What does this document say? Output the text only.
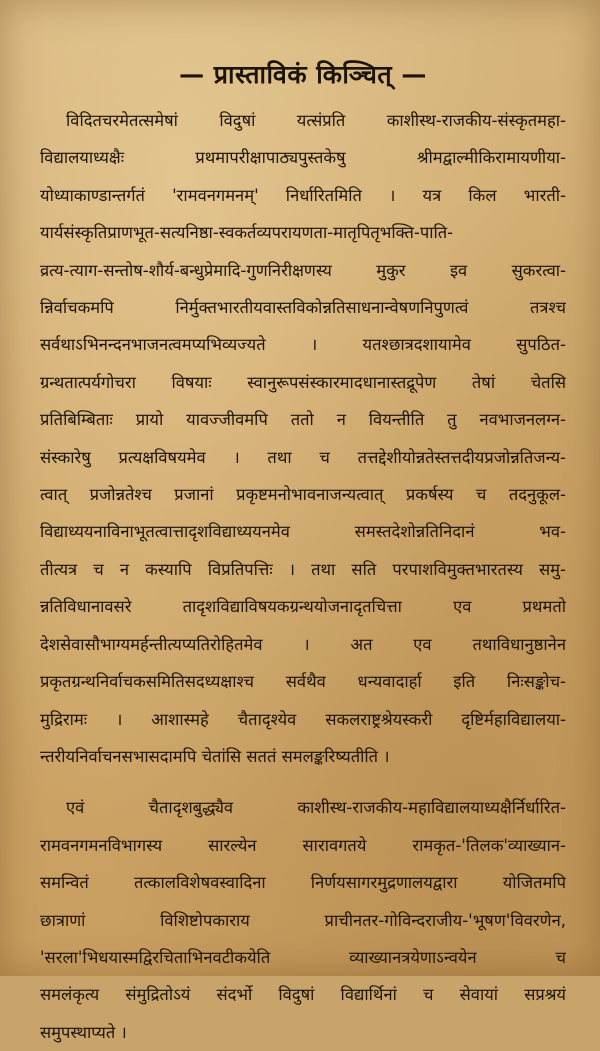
— प्रास्ताविकं किञ्चित् —

विदितचरमेतत्समेषां विदुषां यत्संप्रति काशीस्थ-राजकीय-संस्कृतमहा-
विद्यालयाध्यक्षैः प्रथमापरीक्षापाठ्यपुस्तकेषु श्रीमद्वाल्मीकिरामायणीया-
योध्याकाण्डान्तर्गतं 'रामवनगमनम्' निर्धारितमिति । यत्र किल भारती-
यार्यसंस्कृतिप्राणभूत-सत्यनिष्ठा-स्वकर्तव्यपरायणता-मातृपितृभक्ति-पाति-
व्रत्य-त्याग-सन्तोष-शौर्य-बन्धुप्रेमादि-गुणनिरीक्षणस्य मुकुर इव सुकरत्वा-
न्निर्वाचकमपि निर्मुक्तभारतीयवास्तविकोन्नतिसाधनान्वेषणनिपुणत्वं तत्रश्च
सर्वथाऽभिनन्दनभाजनत्वमप्यभिव्यज्यते । यतश्छात्रदशायामेव सुपठित-
ग्रन्थतात्पर्यगोचरा विषयाः स्वानुरूपसंस्कारमादधानास्तद्रूपेण तेषां चेतसि
प्रतिबिम्बिताः प्रायो यावज्जीवमपि ततो न वियन्तीति तु नवभाजनलग्न-
संस्कारेषु प्रत्यक्षविषयमेव । तथा च तत्तद्देशीयोन्नतेस्तत्तदीयप्रजोन्नतिजन्य-
त्वात् प्रजोन्नतेश्च प्रजानां प्रकृष्टमनोभावनाजन्यत्वात् प्रकर्षस्य च तदनुकूल-
विद्याध्ययनाविनाभूतत्वात्तादृशविद्याध्ययनमेव समस्तदेशोन्नतिनिदानं भव-
तीत्यत्र च न कस्यापि विप्रतिपत्तिः । तथा सति परपाशविमुक्तभारतस्य समु-
न्नतिविधानावसरे तादृशविद्याविषयकग्रन्थयोजनादृतचित्ता एव प्रथमतो
देशसेवासौभाग्यमर्हन्तीत्यप्यतिरोहितमेव । अत एव तथाविधानुष्ठानेन
प्रकृतग्रन्थनिर्वाचकसमितिसदध्यक्षाश्च सर्वथैव धन्यवादार्हा इति निःसङ्कोच-
मुद्रिरामः । आशास्महे चैतादृश्येव सकलराष्ट्रश्रेयस्करी दृष्टिर्महाविद्यालया-
न्तरीयनिर्वाचनसभासदामपि चेतांसि सततं समलङ्करिष्यतीति ।

एवं चैतादृशबुद्ध्यैव काशीस्थ-राजकीय-महाविद्यालयाध्यक्षैर्निर्धारित-
रामवनगमनविभागस्य सारल्येन सारावगतये रामकृत-'तिलक'व्याख्यान-
समन्वितं तत्कालविशेषवस्वादिना निर्णयसागरमुद्रणालयद्वारा योजितमपि
छात्राणां विशिष्टोपकाराय प्राचीनतर-गोविन्दराजीय-'भूषण'विवरणेन,
'सरला'भिधयास्मद्विरचिताभिनवटीकयेति व्याख्यानत्रयेणाऽन्वयेन च
समलंकृत्य संमुद्रितोऽयं संदर्भो विदुषां विद्यार्थिनां च सेवायां सप्रश्रयं
समुपस्थाप्यते ।
